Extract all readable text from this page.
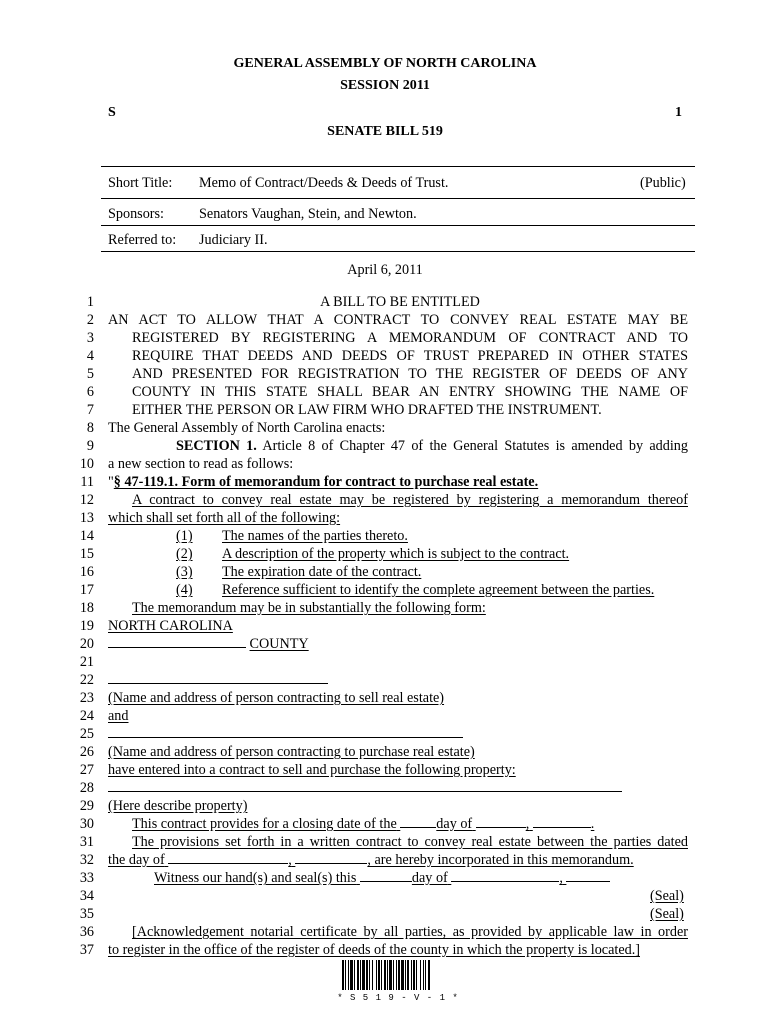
GENERAL ASSEMBLY OF NORTH CAROLINA
SESSION 2011
S	1
SENATE BILL 519
Short Title: Memo of Contract/Deeds & Deeds of Trust.	(Public)
Sponsors: Senators Vaughan, Stein, and Newton.
Referred to: Judiciary II.
April 6, 2011
1
2
3
4
5
6
7
8
9
10
11
12
13
14
15
16
17
18
19
20
21
22
23
24
25
26
27
28
29
30
31
32
33
34
35
36
37
A BILL TO BE ENTITLED
AN ACT TO ALLOW THAT A CONTRACT TO CONVEY REAL ESTATE MAY BE
REGISTERED BY REGISTERING A MEMORANDUM OF CONTRACT AND TO
REQUIRE THAT DEEDS AND DEEDS OF TRUST PREPARED IN OTHER STATES
AND PRESENTED FOR REGISTRATION TO THE REGISTER OF DEEDS OF ANY
COUNTY IN THIS STATE SHALL BEAR AN ENTRY SHOWING THE NAME OF
EITHER THE PERSON OR LAW FIRM WHO DRAFTED THE INSTRUMENT.
The General Assembly of North Carolina enacts:
SECTION 1. Article 8 of Chapter 47 of the General Statutes is amended by adding
a new section to read as follows:
"§ 47-119.1. Form of memorandum for contract to purchase real estate.
A contract to convey real estate may be registered by registering a memorandum thereof
which shall set forth all of the following:
(1) The names of the parties thereto.
(2) A description of the property which is subject to the contract.
(3) The expiration date of the contract.
(4) Reference sufficient to identify the complete agreement between the parties.
The memorandum may be in substantially the following form:
NORTH CAROLINA
COUNTY
(Name and address of person contracting to sell real estate)
and
(Name and address of person contracting to purchase real estate)
have entered into a contract to sell and purchase the following property:
(Here describe property)
This contract provides for a closing date of the	day of	,	.
The provisions set forth in a written contract to convey real estate between the parties dated
the day of	,	, are hereby incorporated in this memorandum.
Witness our hand(s) and seal(s) this	day of	,
(Seal)
(Seal)
[Acknowledgement notarial certificate by all parties, as provided by applicable law in order
to register in the office of the register of deeds of the county in which the property is located.]
* S 5 1 9 - V - 1 *
